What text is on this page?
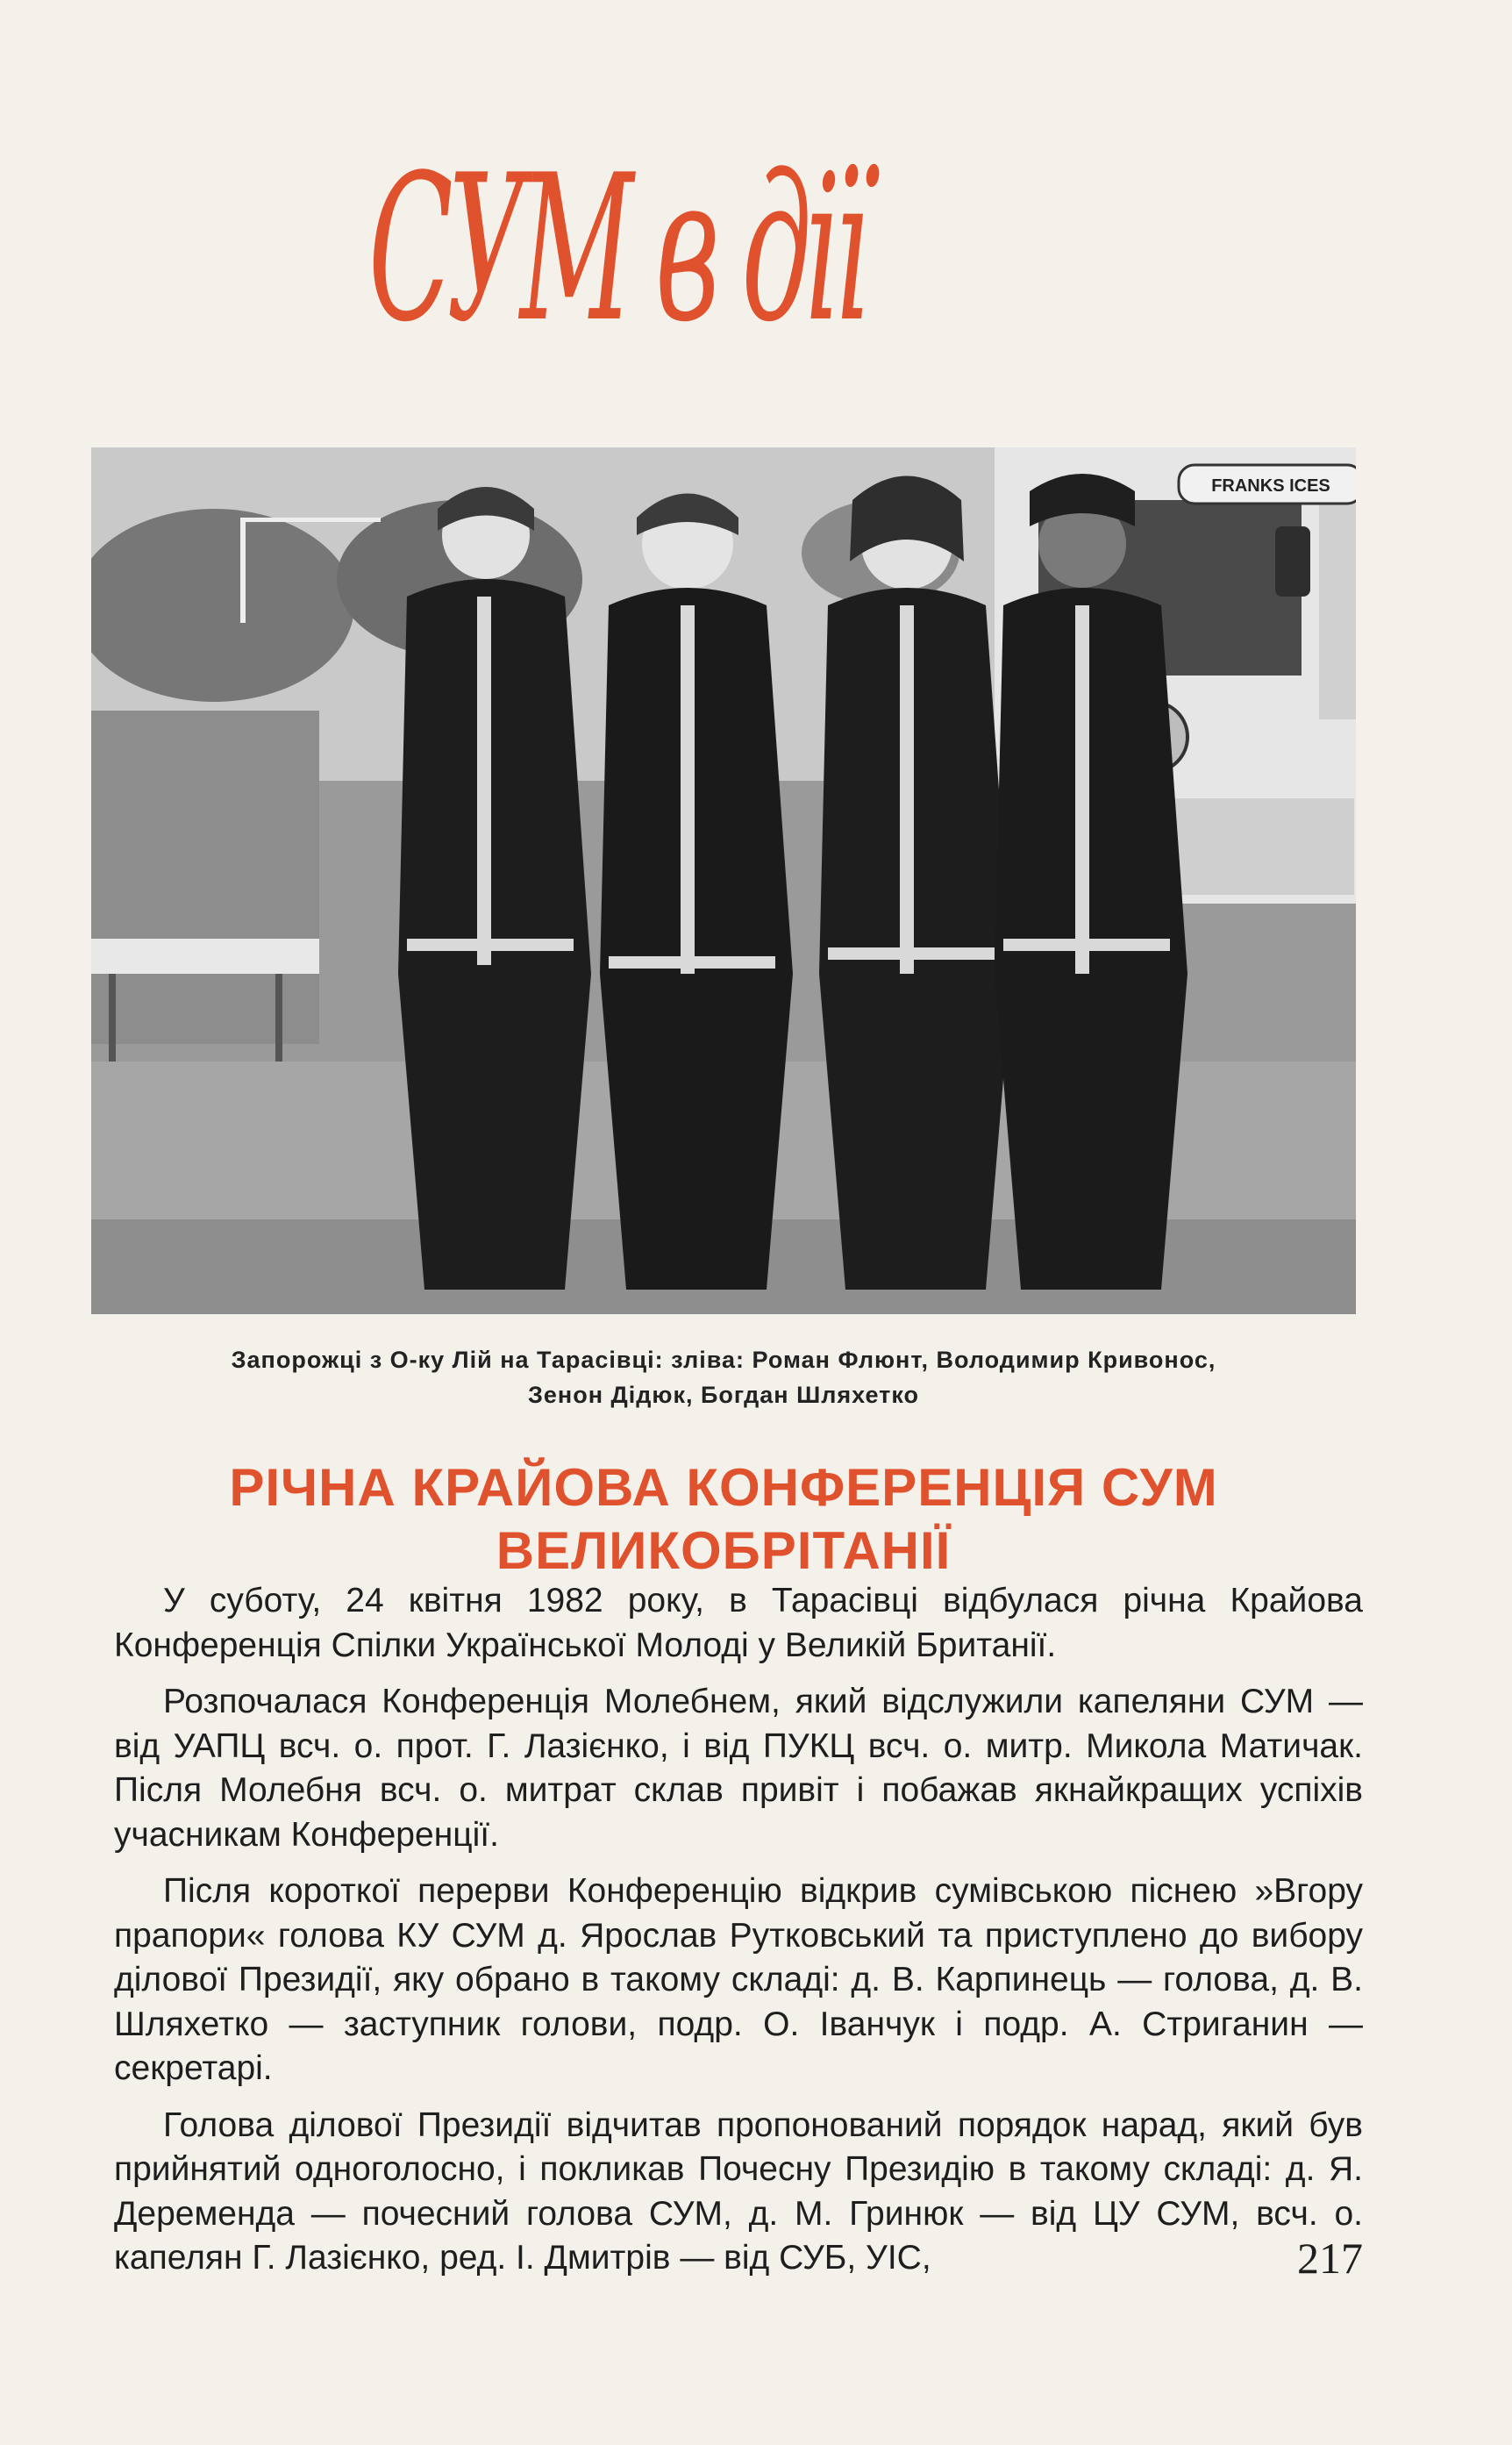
СУМ в дії
FRANKS ICES
Запорожці з О-ку Лій на Тарасівці: зліва: Роман Флюнт, Володимир Кривонос,
Зенон Дідюк, Богдан Шляхетко
РІЧНА КРАЙОВА КОНФЕРЕНЦІЯ СУМ
ВЕЛИКОБРІТАНІЇ

У суботу, 24 квітня 1982 року, в Тарасівці відбулася річна Крайова Конференція Спілки Української Молоді у Великій Британії.

Розпочалася Конференція Молебнем, який відслужили капеляни СУМ — від УАПЦ всч. о. прот. Г. Лазієнко, і від ПУКЦ всч. о. митр. Микола Матичак. Після Молебня всч. о. митрат склав привіт і побажав якнайкращих успіхів учасникам Конференції.

Після короткої перерви Конференцію відкрив сумівською піснею »Вгору прапори« голова КУ СУМ д. Ярослав Рутковський та приступлено до вибору ділової Президії, яку обрано в такому складі: д. В. Карпинець — голова, д. В. Шляхетко — заступник голови, подр. О. Іванчук і подр. А. Стриганин — секретарі.

Голова ділової Президії відчитав пропонований порядок нарад, який був прийнятий одноголосно, і покликав Почесну Президію в такому складі: д. Я. Деременда — почесний голова СУМ, д. М. Гринюк — від ЦУ СУМ, всч. о. капелян Г. Лазієнко, ред. І. Дмитрів — від СУБ, УІС,	217
